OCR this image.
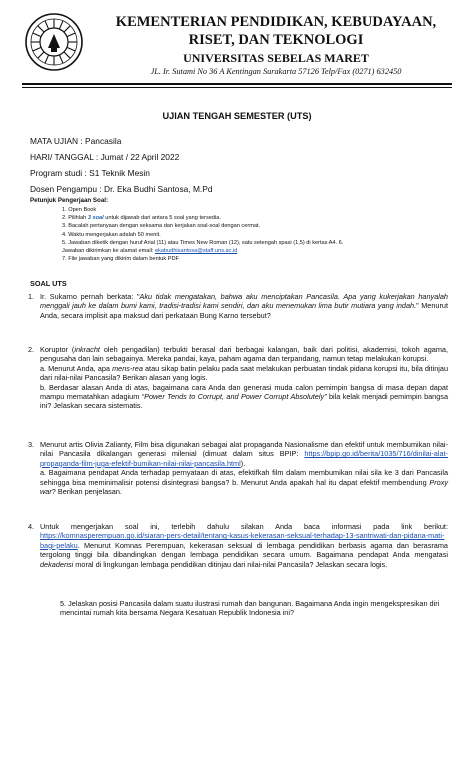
KEMENTERIAN PENDIDIKAN, KEBUDAYAAN,
RISET, DAN TEKNOLOGI
UNIVERSITAS SEBELAS MARET
JL. Ir. Sutami No 36 A Kentingan Surakarta 57126 Telp/Fax (0271) 632450
UJIAN TENGAH SEMESTER (UTS)
MATA UJIAN : Pancasila
HARI/ TANGGAL : Jumat / 22 April 2022
Program studi : S1 Teknik Mesin
Dosen Pengampu : Dr. Eka Budhi Santosa, M.Pd
Petunjuk Pengerjaan Soal:
1. Open Book
2. Pilihlah 3 soal untuk dijawab dari antara 5 soal yang tersedia.
3. Bacalah pertanyaan dengan seksama dan kerjakan soal-soal dengan cermat.
4. Waktu mengerjakan adalah 50 menit.
5. Jawaban diketik dengan huruf Arial (11) atau Times New Roman (12), satu setengah spasi (1,5) di kertas A4. 6.
Jawaban dikirimkan ke alamat email: ekabudhisantosa@staff.uns.ac.id
7. File jawaban yang dikirim dalam bentuk PDF
SOAL UTS
1. Ir. Sukarno pernah berkata: "Aku tidak mengatakan, bahwa aku menciptakan Pancasila. Apa yang kukerjakan hanyalah menggali jauh ke dalam bumi kami, tradisi-tradisi kami sendiri, dan aku menemukan lima butir mutiara yang indah." Menurut Anda, secara implisit apa maksud dari perkataan Bung Karno tersebut?

2. Koruptor (inkracht oleh pengadilan) terbukti berasal dari berbagai kalangan, baik dari politisi, akademisi, tokoh agama, pengusaha dan lain sebagainya. Mereka pandai, kaya, paham agama dan terpandang, namun tetap melakukan korupsi.

a. Menurut Anda, apa mens-rea atau sikap batin pelaku pada saat melakukan perbuatan tindak pidana korupsi itu, bila ditinjau dari nilai-nilai Pancasila? Berikan alasan yang logis.

b. Berdasar alasan Anda di atas, bagaimana cara Anda dan generasi muda calon pemimpin bangsa di masa depan dapat mampu mematahkan adagium “Power Tends to Corrupt, and Power Corrupt Absolutely” bila kelak menjadi pemimpin bangsa ini? Jelaskan secara sistematis.

3. Menurut artis Olivia Zalianty, Film bisa digunakan sebagai alat propaganda Nasionalisme dan efektif untuk membumikan nilai-nilai Pancasila dikalangan generasi milenial (dimuat dalam situs BPIP: https://bpip.go.id/berita/1035/716/dinilai-alat-propaganda-film-juga-efektif-bumikan-nilai-nilai-pancasila.html).

a. Bagaimana pendapat Anda terhadap pernyataan di atas, efektifkah film dalam membumikan nilai sila ke 3 dari Pancasila sehingga bisa meminimalisir potensi disintegrasi bangsa? b. Menurut Anda apakah hal itu dapat efektif membendung Proxy war? Berikan penjelasan.

4. Untuk mengerjakan soal ini, terlebih dahulu silakan Anda baca informasi pada link berikut: https://komnasperempuan.go.id/siaran-pers-detail/tentang-kasus-kekerasan-seksual-terhadap-13-santriwati-dan-pidana-mati-bagi-pelaku. Menurut Komnas Perempuan, kekerasan seksual di lembaga pendidikan berbasis agama dan berasrama tergolong tinggi bila dibandingkan dengan lembaga pendidikan secara umum. Bagaimana pendapat Anda mengatasi dekadensi moral di lingkungan lembaga pendidikan ditinjau dari nilai-nilai Pancasila? Jelaskan secara logis.

5. Jelaskan posisi Pancasila dalam suatu ilustrasi rumah dan bangunan. Bagaimana Anda ingin mengekspresikan diri mencintai rumah kita bersama Negara Kesatuan Republik Indonesia ini?
